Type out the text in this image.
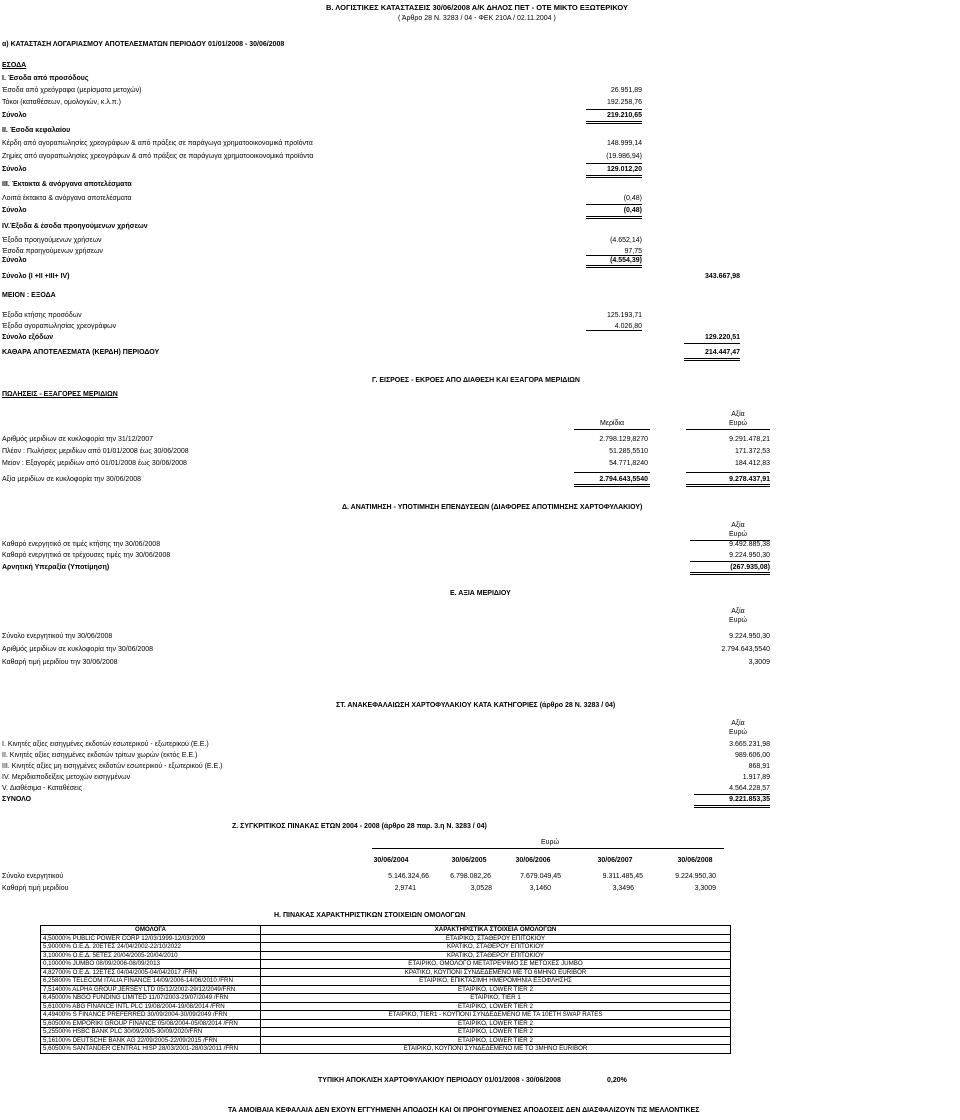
Β. ΛΟΓΙΣΤΙΚΕΣ ΚΑΤΑΣΤΑΣΕΙΣ 30/06/2008 Α/Κ ΔΗΛΟΣ ΠΕΤ - ΟΤΕ ΜΙΚΤΟ ΕΞΩΤΕΡΙΚΟΥ
( Άρθρο 28 Ν. 3283 / 04 - ΦΕΚ 210Α / 02.11.2004 )
α) ΚΑΤΑΣΤΑΣΗ ΛΟΓΑΡΙΑΣΜΟΥ ΑΠΟΤΕΛΕΣΜΑΤΩΝ ΠΕΡΙΟΔΟΥ 01/01/2008 - 30/06/2008
ΕΣΟΔΑ
Ι. Έσοδα από προσόδους
Έσοδα από χρεόγραφα (μερίσματα μετοχών)	26.951,89
Τόκοι (καταθέσεων, ομολογιών, κ.λ.π.)	192.258,76
Σύνολο	219.210,65
ΙΙ. Έσοδα κεφαλαίου
Κέρδη από αγοραπωλησίες χρεογράφων & από πράξεις σε παράγωγα χρηματοοικονομικά προϊόντα	148.999,14
Ζημίες από αγοραπωλησίες χρεογράφων & από πράξεις σε παράγωγα χρηματοοικονομικά προϊόντα	(19.986,94)
Σύνολο	129.012,20
ΙΙΙ. Έκτακτα & ανόργανα αποτελέσματα
Λοιπά έκτακτα & ανόργανα αποτελέσματα	(0,48)
Σύνολο	(0,48)
ΙV.Έξοδα & έσοδα προηγούμενων χρήσεων
Έξοδα προηγούμενων χρήσεων	(4.652,14)
Έσοδα προηγούμενων χρήσεων	97,75
Σύνολο	(4.554,39)
Σύνολο (Ι +ΙΙ +ΙΙΙ+ ΙV)	343.667,98
ΜΕΙΟΝ : ΕΞΟΔΑ
Έξοδα κτήσης προσόδων	125.193,71
Έξοδα αγοραπωλησίας χρεογράφων	4.026,80
Σύνολο εξόδων	129.220,51
ΚΑΘΑΡΑ ΑΠΟΤΕΛΕΣΜΑΤΑ (ΚΕΡΔΗ) ΠΕΡΙΟΔΟΥ	214.447,47
Γ. ΕΙΣΡΟΕΣ - ΕΚΡΟΕΣ ΑΠΟ ΔΙΑΘΕΣΗ ΚΑΙ ΕΞΑΓΟΡΑ ΜΕΡΙΔΙΩΝ
ΠΩΛΗΣΕΙΣ - ΕΞΑΓΟΡΕΣ ΜΕΡΙΔΙΩΝ
Αξία
Μερίδια	Ευρώ
Αριθμός μεριδίων σε κυκλοφορία την 31/12/2007	2.798.129,8270	9.291.478,21
Πλέον : Πωλήσεις μεριδίων από 01/01/2008 έως 30/06/2008	51.285,5510	171.372,53
Μείον : Εξαγορές μεριδίων από 01/01/2008 έως 30/06/2008	54.771,8240	184.412,83
Αξία μεριδίων σε κυκλοφορία την 30/06/2008	2.794.643,5540	9.278.437,91
Δ. ΑΝΑΤΙΜΗΣΗ - ΥΠΟΤΙΜΗΣΗ ΕΠΕΝΔΥΣΕΩΝ (ΔΙΑΦΟΡΕΣ ΑΠΟΤΙΜΗΣΗΣ ΧΑΡΤΟΦΥΛΑΚΙΟΥ)
Αξία
Ευρώ
Καθαρό ενεργητικό σε τιμές κτήσης την 30/06/2008	9.492.885,38
Καθαρό ενεργητικό σε τρέχουσες τιμές την 30/06/2008	9.224.950,30
Αρνητική Υπεραξία (Υποτίμηση)	(267.935,08)
Ε. ΑΞΙΑ ΜΕΡΙΔΙΟΥ
Αξία
Ευρώ
Σύνολο ενεργητικού την 30/06/2008	9.224.950,30
Αριθμός μεριδίων σε κυκλοφορία την 30/06/2008	2.794.643,5540
Καθαρή τιμή μεριδίου την 30/06/2008	3,3009
ΣΤ. ΑΝΑΚΕΦΑΛΑΙΩΣΗ ΧΑΡΤΟΦΥΛΑΚΙΟΥ ΚΑΤΑ ΚΑΤΗΓΟΡΙΕΣ (άρθρο 28 Ν. 3283 / 04)
Αξία
Ευρώ
Ι. Κινητές αξίες εισηγμένες εκδοτών εσωτερικού - εξωτερικού (Ε.Ε.)	3.665.231,98
ΙΙ. Κινητές αξίες εισηγμένες εκδοτών τρίτων χωρών (εκτός Ε.Ε.)	989.606,00
ΙΙΙ. Κινητές αξίες μη εισηγμένες εκδοτών εσωτερικού - εξωτερικού (Ε.Ε.)	868,91
ΙV. Μεριδιαποδείξεις μετοχών εισηγμένων	1.917,89
V. Διαθέσιμα - Καταθέσεις	4.564.228,57
ΣΥΝΟΛΟ	9.221.853,35
Ζ. ΣΥΓΚΡΙΤΙΚΟΣ ΠΙΝΑΚΑΣ ΕΤΩΝ 2004 - 2008 (άρθρο 28 παρ. 3.η Ν. 3283 / 04)
Ευρώ
30/06/2004	30/06/2005	30/06/2006	30/06/2007	30/06/2008
Σύνολο ενεργητικού	5.146.324,66	6.798.082,26	7.679.049,45	9.311.485,45	9.224.950,30
Καθαρή τιμή μεριδίου	2,9741	3,0528	3,1460	3,3496	3,3009
Η. ΠΙΝΑΚΑΣ ΧΑΡΑΚΤΗΡΙΣΤΙΚΩΝ ΣΤΟΙΧΕΙΩΝ ΟΜΟΛΟΓΩΝ
ΟΜΟΛΟΓΑ	ΧΑΡΑΚΤΗΡΙΣΤΙΚΑ ΣΤΟΙΧΕΙΑ ΟΜΟΛΟΓΩΝ
4,50000% PUBLIC POWER CORP 12/03/1999-12/03/2009	ΕΤΑΙΡΙΚΟ, ΣΤΑΘΕΡΟΥ ΕΠΙΤΟΚΙΟΥ
5,90000% Ο.Ε.Δ. 20ΕΤΕΣ 24/04/2002-22/10/2022	ΚΡΑΤΙΚΟ, ΣΤΑΘΕΡΟΥ ΕΠΙΤΟΚΙΟΥ
3,10000% Ο.Ε.Δ. 5ΕΤΕΣ 20/04/2005-20/04/2010	ΚΡΑΤΙΚΟ, ΣΤΑΘΕΡΟΥ ΕΠΙΤΟΚΙΟΥ
0,10000% JUMBO 08/09/2006-08/09/2013	ΕΤΑΙΡΙΚΟ, ΟΜΟΛΟΓΟ ΜΕΤΑΤΡΕΨΙΜΟ ΣΕ ΜΕΤΟΧΕΣ JUMBO
4,82700% Ο.Ε.Δ. 12ΕΤΕΣ 04/04/2005-04/04/2017 /FRN	ΚΡΑΤΙΚΟ, ΚΟΥΠΟΝΙ ΣΥΝΔΕΔΕΜΕΝΟ ΜΕ ΤΟ 6ΜΗΝΟ EURIBOR
6,25800% TELECOM ITALIA FINANCE 14/09/2006-14/06/2010 /FRN	ΕΤΑΙΡΙΚΟ, ΕΠΙΚΤΑΣΙΜΗ ΗΜΕΡΟΜΗΝΙΑ ΕΞΟΦΛΗΣΗΣ
7,51400% ALPHA GROUP JERSEY LTD 05/12/2002-29/12/2049/FRN	ΕΤΑΙΡΙΚΟ, LOWER TIER 2
6,45000% NBGO FUNDING LIMITED 11/07/2003-29/07/2049 /FRN	ΕΤΑΙΡΙΚΟ, TIER 1
5,61000% ABG FINANCE INTL PLC 19/08/2004-19/08/2014 /FRN	ΕΤΑΙΡΙΚΟ, LOWER TIER 2
4,49400% S FINANCE PREFERRED 30/09/2004-30/09/2049 /FRN	ΕΤΑΙΡΙΚΟ, TIER1 - ΚΟΥΠΟΝΙ ΣΥΝΔΕΔΕΜΕΝΟ ΜΕ ΤΑ 10ΕΤΗ SWAP RATES
5,60500% EMPORIKI GROUP FINANCE 05/08/2004-05/08/2014 /FRN	ΕΤΑΙΡΙΚΟ, LOWER TIER 2
5,25500% HSBC BANK PLC 30/09/2005-30/09/2020/FRN	ΕΤΑΙΡΙΚΟ, LOWER TIER 2
5,16100% DEUTSCHE BANK AG 22/09/2005-22/09/2015 /FRN	ΕΤΑΙΡΙΚΟ, LOWER TIER 2
5,60500% SANTANDER CENTRAL HISP 28/03/2001-28/03/2011 /FRN	ΕΤΑΙΡΙΚΟ, ΚΟΥΠΟΝΙ ΣΥΝΔΕΔΕΜΕΝΟ ΜΕ ΤΟ 3ΜΗΝΟ EURIBOR
ΤΥΠΙΚΗ ΑΠΟΚΛΙΣΗ ΧΑΡΤΟΦΥΛΑΚΙΟΥ ΠΕΡΙΟΔΟΥ 01/01/2008 - 30/06/2008	0,20%
ΤΑ ΑΜΟΙΒΑΙΑ ΚΕΦΑΛΑΙΑ ΔΕΝ ΕΧΟΥΝ ΕΓΓΥΗΜΕΝΗ ΑΠΟΔΟΣΗ ΚΑΙ ΟΙ ΠΡΟΗΓΟΥΜΕΝΕΣ ΑΠΟΔΟΣΕΙΣ ΔΕΝ ΔΙΑΣΦΑΛΙΖΟΥΝ ΤΙΣ ΜΕΛΛΟΝΤΙΚΕΣ
